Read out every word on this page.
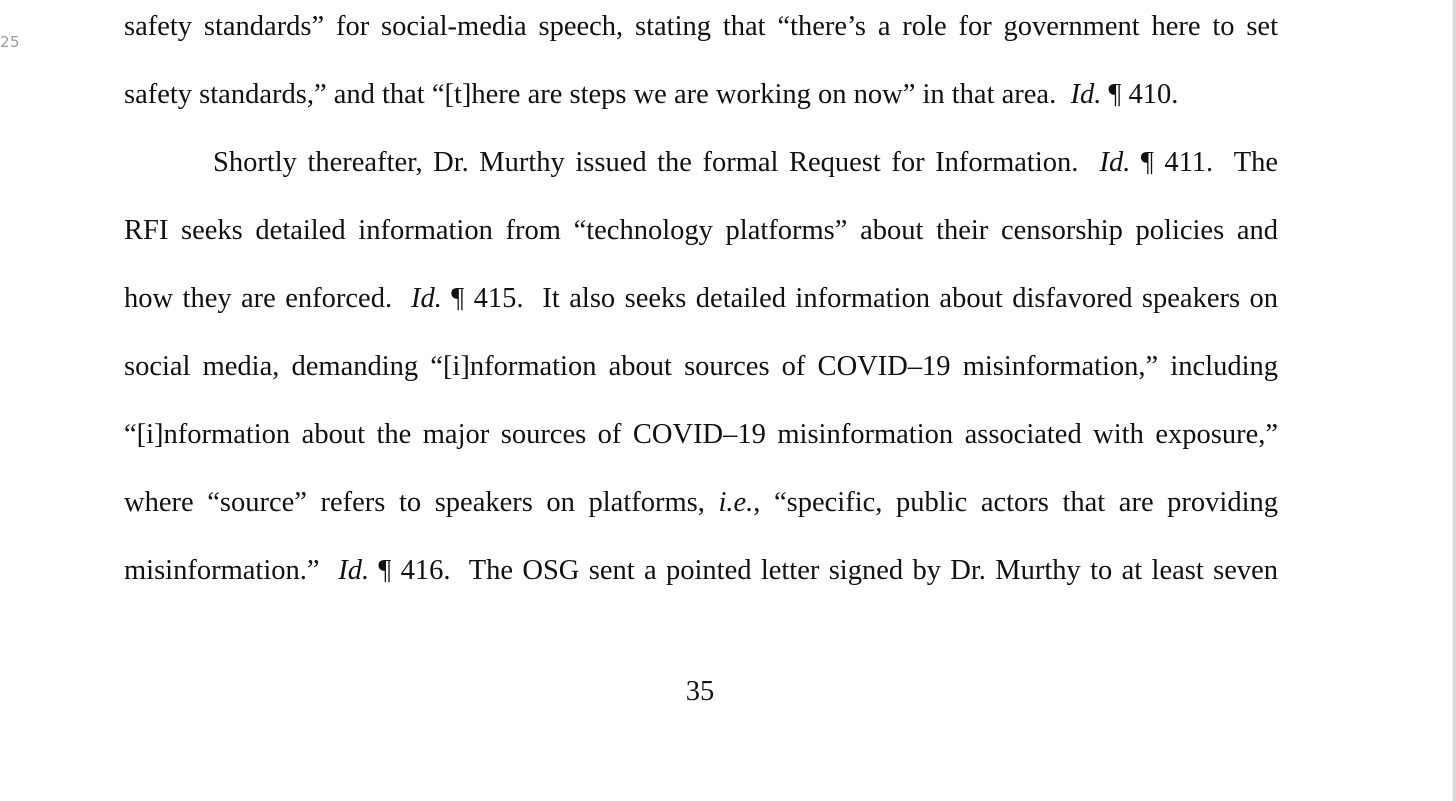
25	safety standards” for social-media speech, stating that “there’s a role for government here to set
safety standards,” and that “[t]here are steps we are working on now” in that area.  Id. ¶ 410.
Shortly thereafter, Dr. Murthy issued the formal Request for Information.  Id. ¶ 411.  The
RFI seeks detailed information from “technology platforms” about their censorship policies and
how they are enforced.  Id. ¶ 415.  It also seeks detailed information about disfavored speakers on
social media, demanding “[i]nformation about sources of COVID–19 misinformation,” including
“[i]nformation about the major sources of COVID–19 misinformation associated with exposure,”
where “source” refers to speakers on platforms, i.e., “specific, public actors that are providing
misinformation.”  Id. ¶ 416.  The OSG sent a pointed letter signed by Dr. Murthy to at least seven
35
